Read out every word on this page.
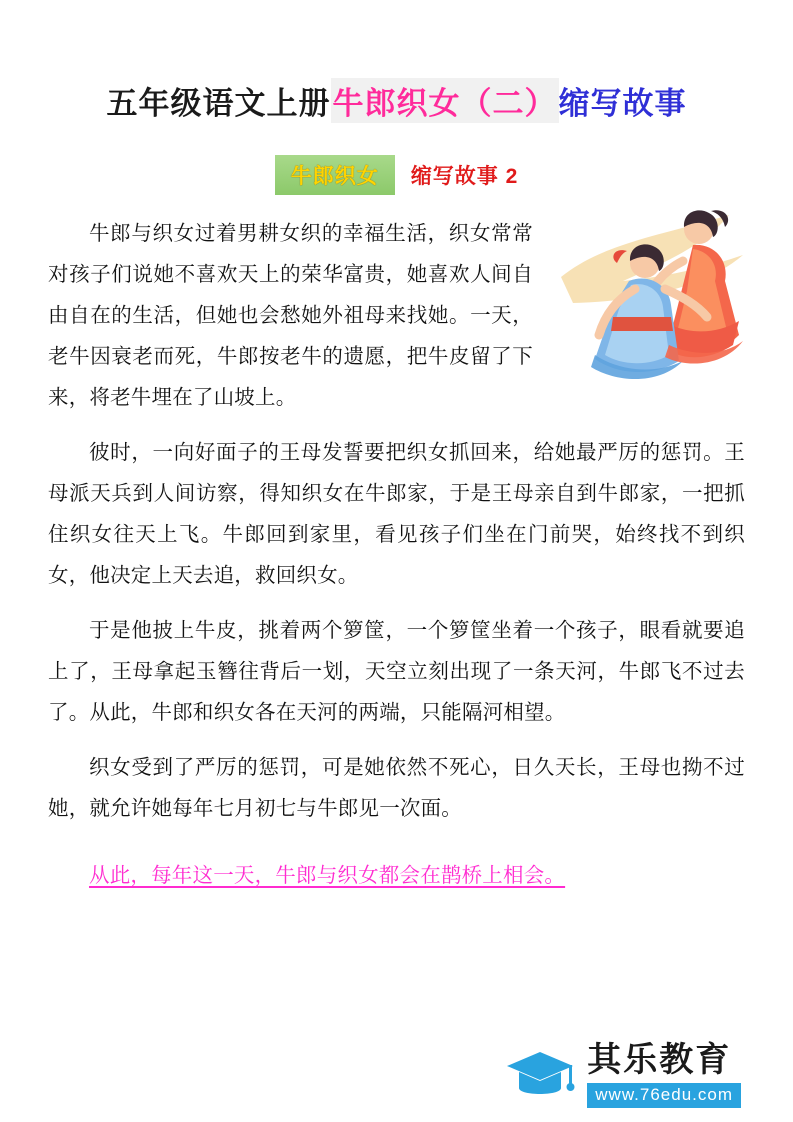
五年级语文上册 牛郎织女（二） 缩写故事
牛郎织女	缩写故事 2

牛郎与织女过着男耕女织的幸福生活，织女常常对孩子们说她不喜欢天上的荣华富贵，她喜欢人间自由自在的生活，但她也会愁她外祖母来找她。一天，老牛因衰老而死，牛郎按老牛的遗愿，把牛皮留了下来，将老牛埋在了山坡上。

彼时，一向好面子的王母发誓要把织女抓回来，给她最严厉的惩罚。王母派天兵到人间访察，得知织女在牛郎家，于是王母亲自到牛郎家，一把抓住织女往天上飞。牛郎回到家里，看见孩子们坐在门前哭，始终找不到织女，他决定上天去追，救回织女。

于是他披上牛皮，挑着两个箩筐，一个箩筐坐着一个孩子，眼看就要追上了，王母拿起玉簪往背后一划，天空立刻出现了一条天河，牛郎飞不过去了。从此，牛郎和织女各在天河的两端，只能隔河相望。

织女受到了严厉的惩罚，可是她依然不死心，日久天长，王母也拗不过她，就允许她每年七月初七与牛郎见一次面。

从此，每年这一天，牛郎与织女都会在鹊桥上相会。

其乐教育
www.76edu.com
